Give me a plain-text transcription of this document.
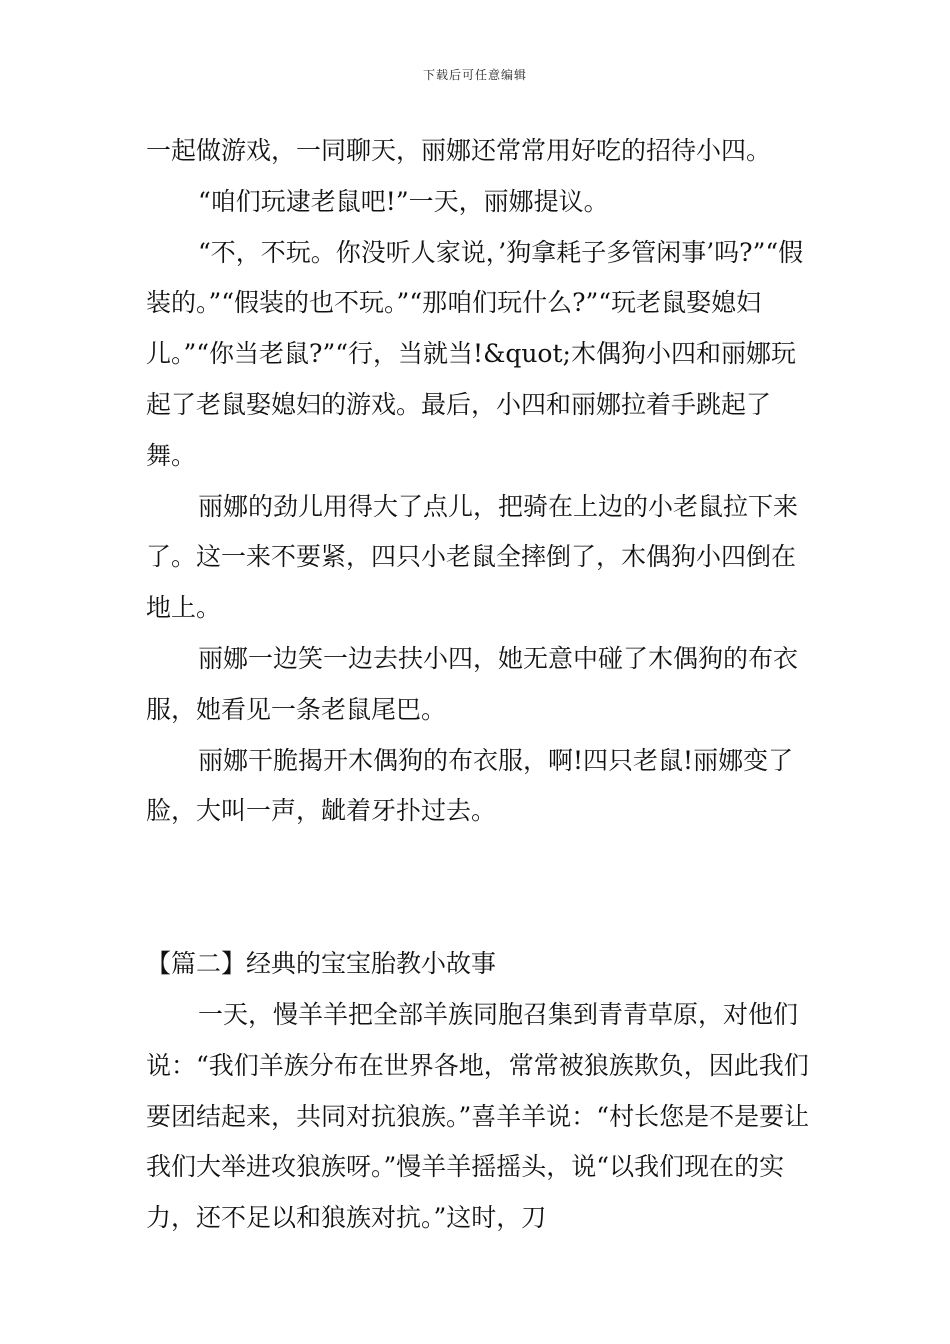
下载后可任意编辑

一起做游戏，一同聊天，丽娜还常常用好吃的招待小四。

“咱们玩逮老鼠吧!”一天，丽娜提议。

“不，不玩。你没听人家说，’狗拿耗子多管闲事’吗?”“假装的。”“假装的也不玩。”“那咱们玩什么?”“玩老鼠娶媳妇儿。”“你当老鼠?”“行，当就当!&quot;木偶狗小四和丽娜玩起了老鼠娶媳妇的游戏。最后，小四和丽娜拉着手跳起了舞。

丽娜的劲儿用得大了点儿，把骑在上边的小老鼠拉下来了。这一来不要紧，四只小老鼠全摔倒了，木偶狗小四倒在地上。

丽娜一边笑一边去扶小四，她无意中碰了木偶狗的布衣服，她看见一条老鼠尾巴。

丽娜干脆揭开木偶狗的布衣服，啊!四只老鼠!丽娜变了脸，大叫一声，龇着牙扑过去。

【篇二】经典的宝宝胎教小故事

一天，慢羊羊把全部羊族同胞召集到青青草原，对他们说：“我们羊族分布在世界各地，常常被狼族欺负，因此我们要团结起来，共同对抗狼族。”喜羊羊说：“村长您是不是要让我们大举进攻狼族呀。”慢羊羊摇摇头，说“以我们现在的实力，还不足以和狼族对抗。”这时，刀
